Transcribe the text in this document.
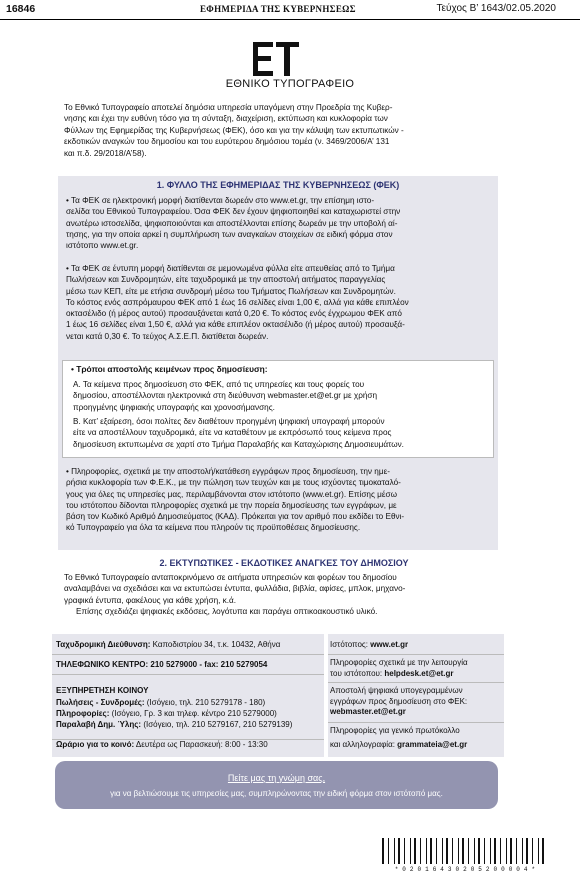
16846	ΕΦΗΜΕΡΙΔΑ ΤΗΣ ΚΥΒΕΡΝΗΣΕΩΣ	Τεύχος B’ 1643/02.05.2020
ΕΘΝΙΚΟ ΤΥΠΟΓΡΑΦΕΙΟ
Το Εθνικό Τυπογραφείο αποτελεί δημόσια υπηρεσία υπαγόμενη στην Προεδρία της Κυβερ-
νησης και έχει την ευθύνη τόσο για τη σύνταξη, διαχείριση, εκτύπωση και κυκλοφορία των
Φύλλων της Εφημερίδας της Κυβερνήσεως (ΦΕΚ), όσο και για την κάλυψη των εκτυπωτικών -
εκδοτικών αναγκών του δημοσίου και του ευρύτερου δημόσιου τομέα (ν. 3469/2006/Α’ 131
και π.δ. 29/2018/Α’58).
1. ΦΥΛΛΟ ΤΗΣ ΕΦΗΜΕΡΙΔΑΣ ΤΗΣ ΚΥΒΕΡΝΗΣΕΩΣ (ΦΕΚ)
• Τα ΦΕΚ σε ηλεκτρονική μορφή διατίθενται δωρεάν στο www.et.gr, την επίσημη ιστο-
σελίδα του Εθνικού Τυπογραφείου. Όσα ΦΕΚ δεν έχουν ψηφιοποιηθεί και καταχωριστεί στην
ανωτέρω ιστοσελίδα, ψηφιοποιούνται και αποστέλλονται επίσης δωρεάν με την υποβολή αί-
τησης, για την οποία αρκεί η συμπλήρωση των αναγκαίων στοιχείων σε ειδική φόρμα στον
ιστότοπο www.et.gr.
• Τα ΦΕΚ σε έντυπη μορφή διατίθενται σε μεμονωμένα φύλλα είτε απευθείας από το Τμήμα
Πωλήσεων και Συνδρομητών, είτε ταχυδρομικά με την αποστολή αιτήματος παραγγελίας
μέσω των ΚΕΠ, είτε με ετήσια συνδρομή μέσω του Τμήματος Πωλήσεων και Συνδρομητών.
Το κόστος ενός ασπρόμαυρου ΦΕΚ από 1 έως 16 σελίδες είναι 1,00 €, αλλά για κάθε επιπλέον
οκτασέλιδο (ή μέρος αυτού) προσαυξάνεται κατά 0,20 €. Το κόστος ενός έγχρωμου ΦΕΚ από
1 έως 16 σελίδες είναι 1,50 €, αλλά για κάθε επιπλέον οκτασέλιδο (ή μέρος αυτού) προσαυξά-
νεται κατά 0,30 €. Το τεύχος Α.Σ.Ε.Π. διατίθεται δωρεάν.
• Τρόποι αποστολής κειμένων προς δημοσίευση:
Α. Τα κείμενα προς δημοσίευση στο ΦΕΚ, από τις υπηρεσίες και τους φορείς του
δημοσίου, αποστέλλονται ηλεκτρονικά στη διεύθυνση webmaster.et@et.gr με χρήση
προηγμένης ψηφιακής υπογραφής και χρονοσήμανσης.
Β. Κατ’ εξαίρεση, όσοι πολίτες δεν διαθέτουν προηγμένη ψηφιακή υπογραφή μπορούν
είτε να αποστέλλουν ταχυδρομικά, είτε να καταθέτουν με εκπρόσωπό τους κείμενα προς
δημοσίευση εκτυπωμένα σε χαρτί στο Τμήμα Παραλαβής και Καταχώρισης Δημοσιευμάτων.
• Πληροφορίες, σχετικά με την αποστολή/κατάθεση εγγράφων προς δημοσίευση, την ημε-
ρήσια κυκλοφορία των Φ.Ε.Κ., με την πώληση των τευχών και με τους ισχύοντες τιμοκαταλό-
γους για όλες τις υπηρεσίες μας, περιλαμβάνονται στον ιστότοπο (www.et.gr). Επίσης μέσω
του ιστότοπου δίδονται πληροφορίες σχετικά με την πορεία δημοσίευσης των εγγράφων, με
βάση τον Κωδικό Αριθμό Δημοσιεύματος (ΚΑΔ). Πρόκειται για τον αριθμό που εκδίδει το Εθνι-
κό Τυπογραφείο για όλα τα κείμενα που πληρούν τις προϋποθέσεις δημοσίευσης.
2. ΕΚΤΥΠΩΤΙΚΕΣ - ΕΚΔΟΤΙΚΕΣ ΑΝΑΓΚΕΣ ΤΟΥ ΔΗΜΟΣΙΟΥ
Το Εθνικό Τυπογραφείο ανταποκρινόμενο σε αιτήματα υπηρεσιών και φορέων του δημοσίου
αναλαμβάνει να σχεδιάσει και να εκτυπώσει έντυπα, φυλλάδια, βιβλία, αφίσες, μπλοκ, μηχανο-
γραφικά έντυπα, φακέλους για κάθε χρήση, κ.ά.
Επίσης σχεδιάζει ψηφιακές εκδόσεις, λογότυπα και παράγει οπτικοακουστικό υλικό.
Ταχυδρομική Διεύθυνση: Καποδιστρίου 34, τ.κ. 10432, Αθήνα
ΤΗΛΕΦΩΝΙΚΟ ΚΕΝΤΡΟ: 210 5279000 - fax: 210 5279054
ΕΞΥΠΗΡΕΤΗΣΗ ΚΟΙΝΟΥ
Πωλήσεις - Συνδρομές: (Ισόγειο, τηλ. 210 5279178 - 180)
Πληροφορίες: (Ισόγειο, Γρ. 3 και τηλεφ. κέντρο 210 5279000)
Παραλαβή Δημ. Ύλης: (Ισόγειο, τηλ. 210 5279167, 210 5279139)
Ιστότοπος: www.et.gr
Πληροφορίες σχετικά με την λειτουργία
του ιστότοπου: helpdesk.et@et.gr
Αποστολή ψηφιακά υπογεγραμμένων
εγγράφων προς δημοσίευση στο ΦΕΚ:
webmaster.et@et.gr
Πληροφορίες για γενικό πρωτόκολλο
και αλληλογραφία: grammateia@et.gr
Ωράριο για το κοινό: Δευτέρα ως Παρασκευή: 8:00 - 13:30
Πείτε μας τη γνώμη σας,
για να βελτιώσουμε τις υπηρεσίες μας, συμπληρώνοντας την ειδική φόρμα στον ιστότοπό μας.
* 0 2 0 1 6 4 3 0 2 0 5 2 0 0 0 0 4 *
